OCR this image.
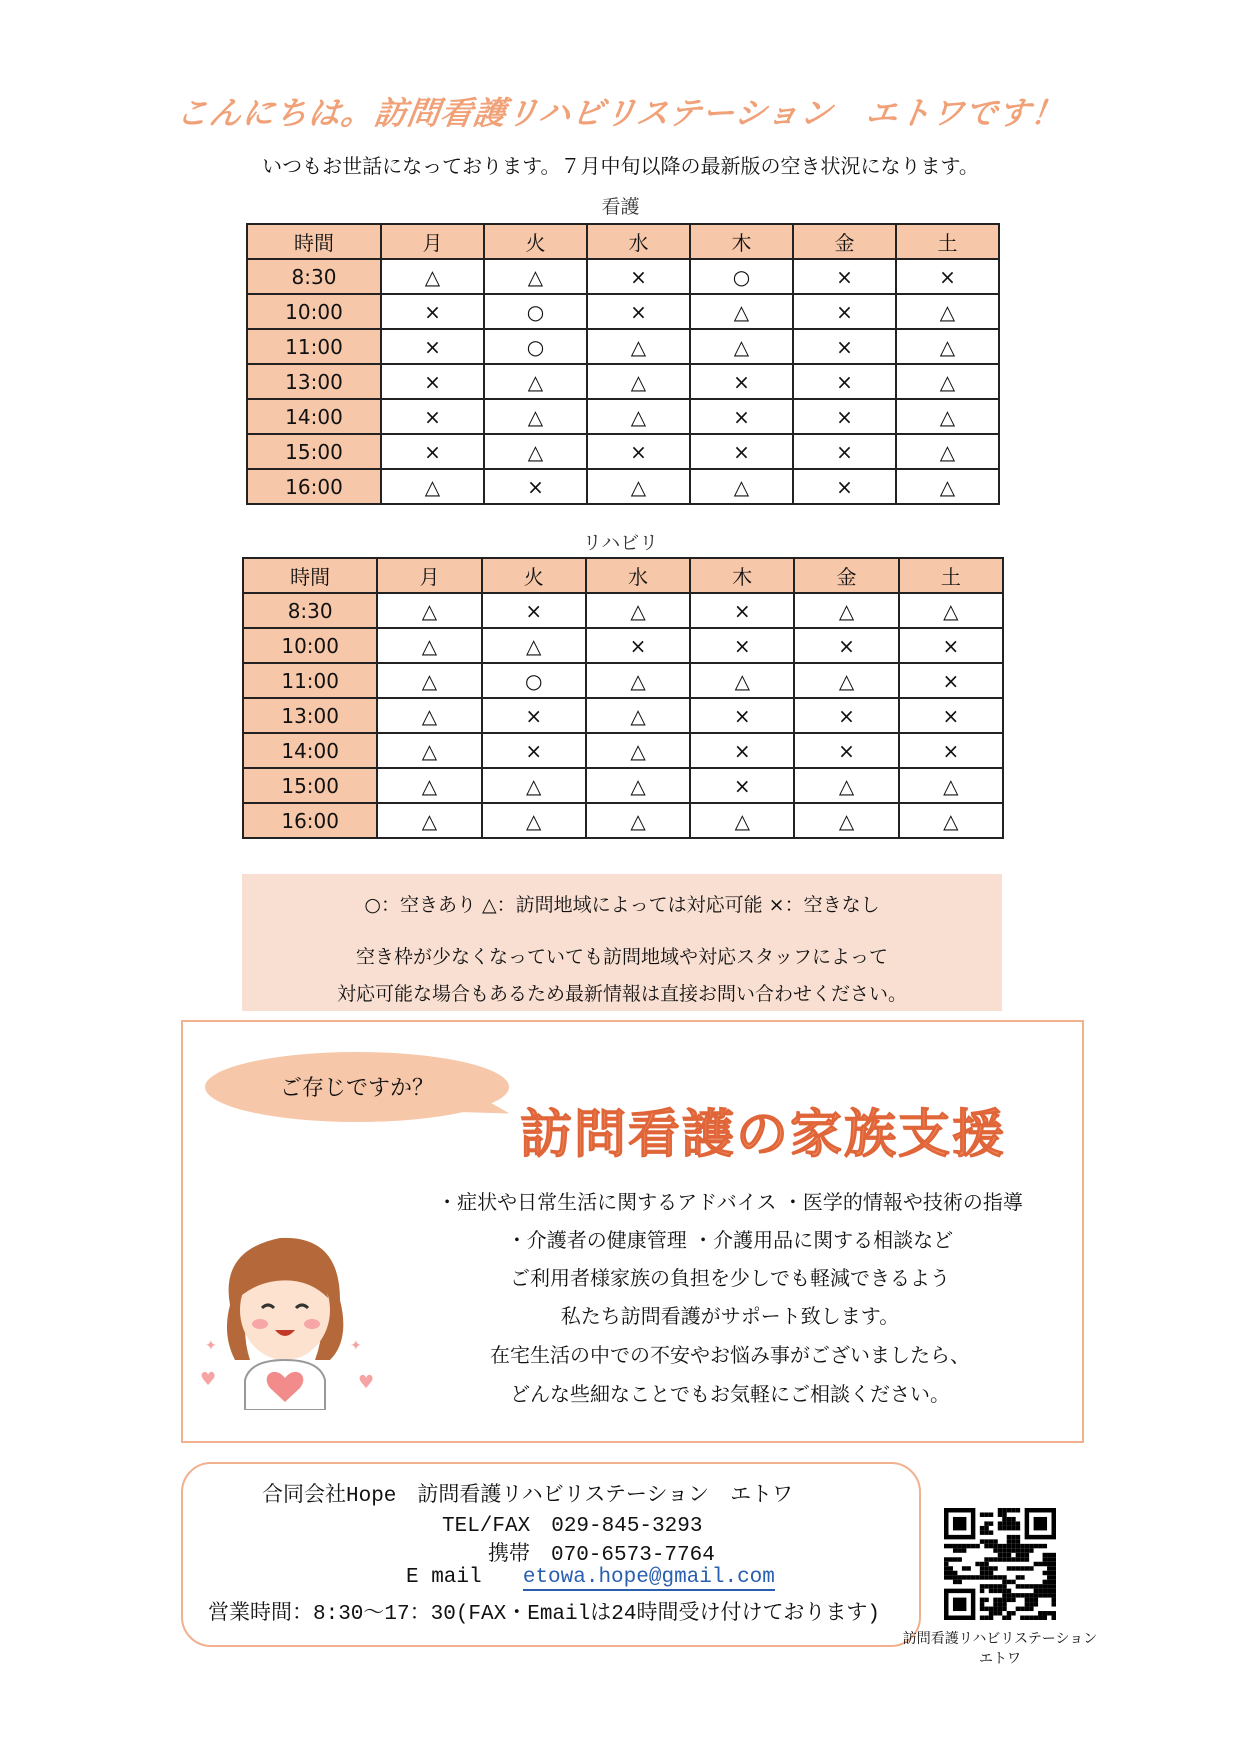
こんにちは。訪問看護リハビリステーション　エトワです！
いつもお世話になっております。７月中旬以降の最新版の空き状況になります。
看護
時間	月	火	水	木	金	土
8:30	△	△	×	○	×	×
10:00	×	○	×	△	×	△
11:00	×	○	△	△	×	△
13:00	×	△	△	×	×	△
14:00	×	△	△	×	×	△
15:00	×	△	×	×	×	△
16:00	△	×	△	△	×	△
リハビリ
時間	月	火	水	木	金	土
8:30	△	×	△	×	△	△
10:00	△	△	×	×	×	×
11:00	△	○	△	△	△	×
13:00	△	×	△	×	×	×
14:00	△	×	△	×	×	×
15:00	△	△	△	×	△	△
16:00	△	△	△	△	△	△
○：空きあり △：訪問地域によっては対応可能 ×：空きなし
空き枠が少なくなっていても訪問地域や対応スタッフによって
対応可能な場合もあるため最新情報は直接お問い合わせください。
ご存じですか？
訪問看護の家族支援
・症状や日常生活に関するアドバイス ・医学的情報や技術の指導
・介護者の健康管理 ・介護用品に関する相談など
ご利用者様家族の負担を少しでも軽減できるよう
私たち訪問看護がサポート致します。
在宅生活の中での不安やお悩み事がございましたら、
どんな些細なことでもお気軽にご相談ください。
✦	✦
♥	♥
合同会社Hope　訪問看護リハビリステーション　エトワ
TEL/FAX　029-845-3293
携帯　070-6573-7764
E mail etowa.hope@gmail.com
営業時間：8:30～17：30(FAX・Emailは24時間受け付けております)
訪問看護リハビリステーション
エトワ
